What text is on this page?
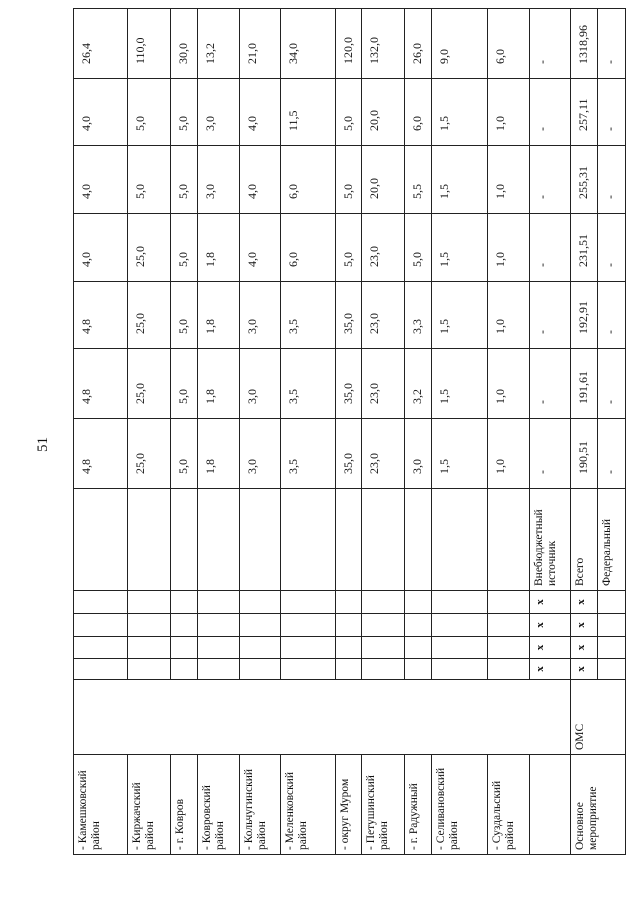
51
- Камешковский район							4,8	4,8	4,8	4,0	4,0	4,0	26,4
- Киржачский район							25,0	25,0	25,0	25,0	5,0	5,0	110,0
- г. Ковров							5,0	5,0	5,0	5,0	5,0	5,0	30,0
- Ковровский район							1,8	1,8	1,8	1,8	3,0	3,0	13,2
- Кольчугинский район							3,0	3,0	3,0	4,0	4,0	4,0	21,0
- Меленковский район							3,5	3,5	3,5	6,0	6,0	11,5	34,0
- округ Муром							35,0	35,0	35,0	5,0	5,0	5,0	120,0
- Петушинский район							23,0	23,0	23,0	23,0	20,0	20,0	132,0
- г. Радужный							3,0	3,2	3,3	5,0	5,5	6,0	26,0
- Селивановский район							1,5	1,5	1,5	1,5	1,5	1,5	9,0
- Суздальский район							1,0	1,0	1,0	1,0	1,0	1,0	6,0
		x	x	x	x	Внебюджетный источник	-	-	-	-	-	-	-
Основное мероприятие	ОМС	x	x	x	x	Всего	190,51	191,61	192,91	231,51	255,31	257,11	1318,96
						Федеральный	-	-	-	-	-	-	-
